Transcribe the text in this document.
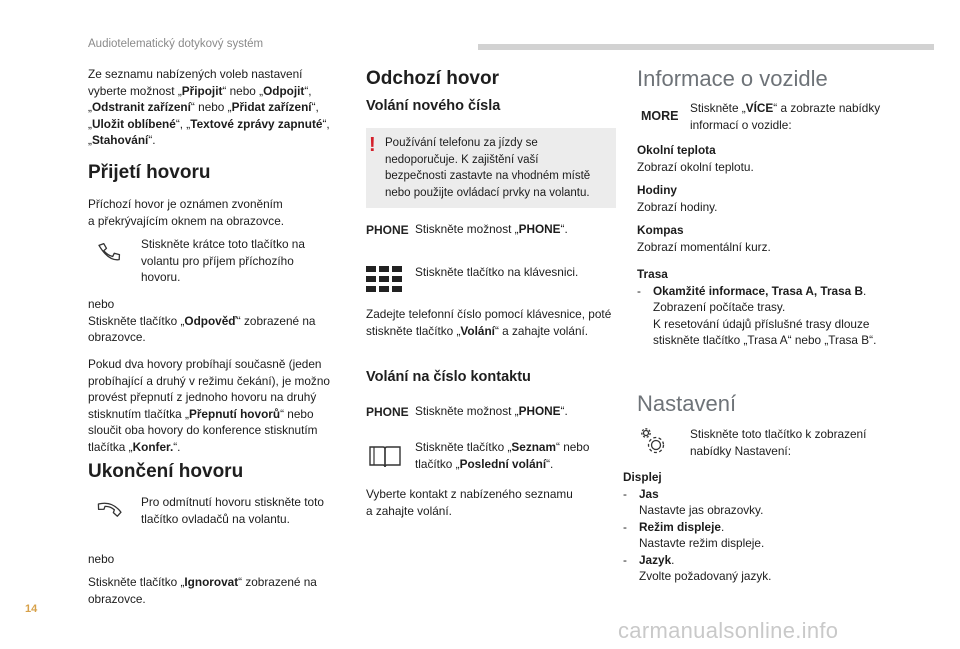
Audiotelematický dotykový systém
Ze seznamu nabízených voleb nastavení
vyberte možnost „Připojit“ nebo „Odpojit“,
„Odstranit zařízení“ nebo „Přidat zařízení“,
„Uložit oblíbené“, „Textové zprávy zapnuté“,
„Stahování“.
Přijetí hovoru
Příchozí hovor je oznámen zvoněním
a překrývajícím oknem na obrazovce.
Stiskněte krátce toto tlačítko na
volantu pro příjem příchozího
hovoru.
nebo
Stiskněte tlačítko „Odpověď“ zobrazené na
obrazovce.
Pokud dva hovory probíhají současně (jeden
probíhající a druhý v režimu čekání), je možno
provést přepnutí z jednoho hovoru na druhý
stisknutím tlačítka „Přepnutí hovorů“ nebo
sloučit oba hovory do konference stisknutím
tlačítka „Konfer.“.
Ukončení hovoru
Pro odmítnutí hovoru stiskněte toto
tlačítko ovladačů na volantu.
nebo
Stiskněte tlačítko „Ignorovat“ zobrazené na
obrazovce.
Odchozí hovor
Volání nového čísla
! Používání telefonu za jízdy se
nedoporučuje. K zajištění vaší
bezpečnosti zastavte na vhodném místě
nebo použijte ovládací prvky na volantu.
PHONE Stiskněte možnost „PHONE“.
Stiskněte tlačítko na klávesnici.
Zadejte telefonní číslo pomocí klávesnice, poté
stiskněte tlačítko „Volání“ a zahajte volání.
Volání na číslo kontaktu
PHONE Stiskněte možnost „PHONE“.
Stiskněte tlačítko „Seznam“ nebo
tlačítko „Poslední volání“.
Vyberte kontakt z nabízeného seznamu
a zahajte volání.
Informace o vozidle
MORE
Stiskněte „VÍCE“ a zobrazte nabídky
informací o vozidle:
Okolní teplota
Zobrazí okolní teplotu.
Hodiny
Zobrazí hodiny.
Kompas
Zobrazí momentální kurz.
Trasa
- Okamžité informace, Trasa A, Trasa B.
Zobrazení počítače trasy.
K resetování údajů příslušné trasy dlouze
stiskněte tlačítko „Trasa A“ nebo „Trasa B“.
Nastavení
Stiskněte toto tlačítko k zobrazení
nabídky Nastavení:
Displej
- Jas
Nastavte jas obrazovky.
- Režim displeje.
Nastavte režim displeje.
- Jazyk.
Zvolte požadovaný jazyk.
14
carmanualsonline.info
